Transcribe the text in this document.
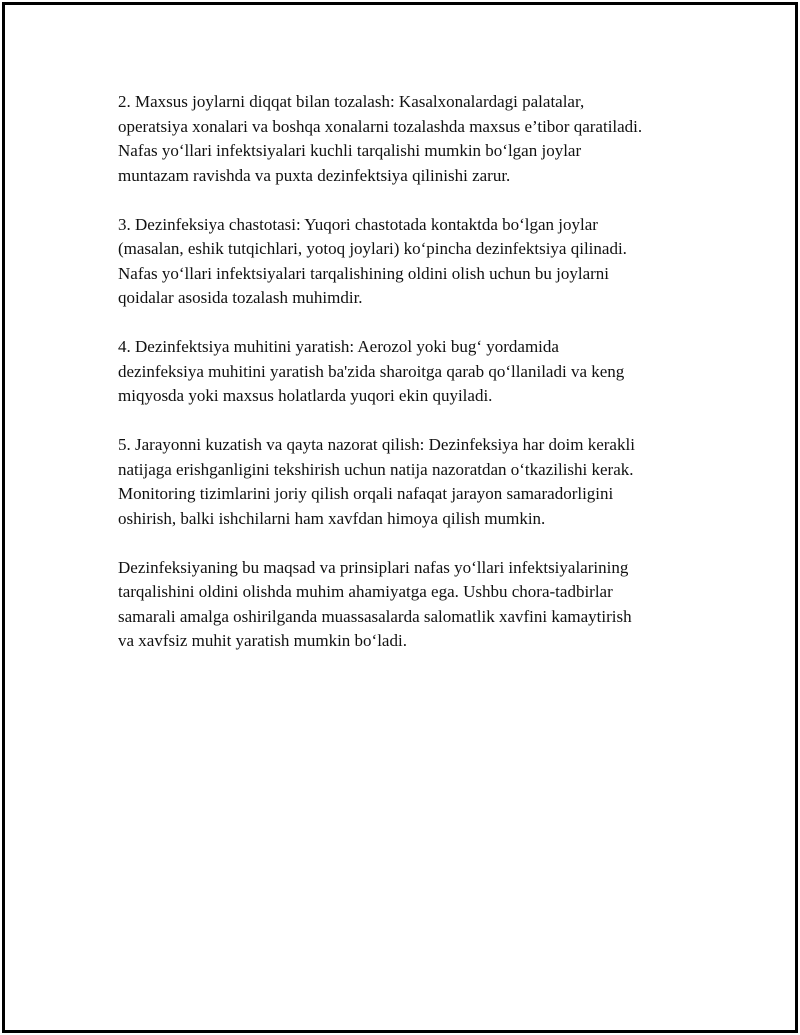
2. Maxsus joylarni diqqat bilan tozalash: Kasalxonalardagi palatalar,
operatsiya xonalari va boshqa xonalarni tozalashda maxsus e’tibor qaratiladi.
Nafas yo‘llari infektsiyalari kuchli tarqalishi mumkin bo‘lgan joylar
muntazam ravishda va puxta dezinfektsiya qilinishi zarur.

3. Dezinfeksiya chastotasi: Yuqori chastotada kontaktda bo‘lgan joylar
(masalan, eshik tutqichlari, yotoq joylari) ko‘pincha dezinfektsiya qilinadi.
Nafas yo‘llari infektsiyalari tarqalishining oldini olish uchun bu joylarni
qoidalar asosida tozalash muhimdir.

4. Dezinfektsiya muhitini yaratish: Aerozol yoki bug‘ yordamida
dezinfeksiya muhitini yaratish ba'zida sharoitga qarab qo‘llaniladi va keng
miqyosda yoki maxsus holatlarda yuqori ekin quyiladi.

5. Jarayonni kuzatish va qayta nazorat qilish: Dezinfeksiya har doim kerakli
natijaga erishganligini tekshirish uchun natija nazoratdan o‘tkazilishi kerak.
Monitoring tizimlarini joriy qilish orqali nafaqat jarayon samaradorligini
oshirish, balki ishchilarni ham xavfdan himoya qilish mumkin.

Dezinfeksiyaning bu maqsad va prinsiplari nafas yo‘llari infektsiyalarining
tarqalishini oldini olishda muhim ahamiyatga ega. Ushbu chora-tadbirlar
samarali amalga oshirilganda muassasalarda salomatlik xavfini kamaytirish
va xavfsiz muhit yaratish mumkin bo‘ladi.
